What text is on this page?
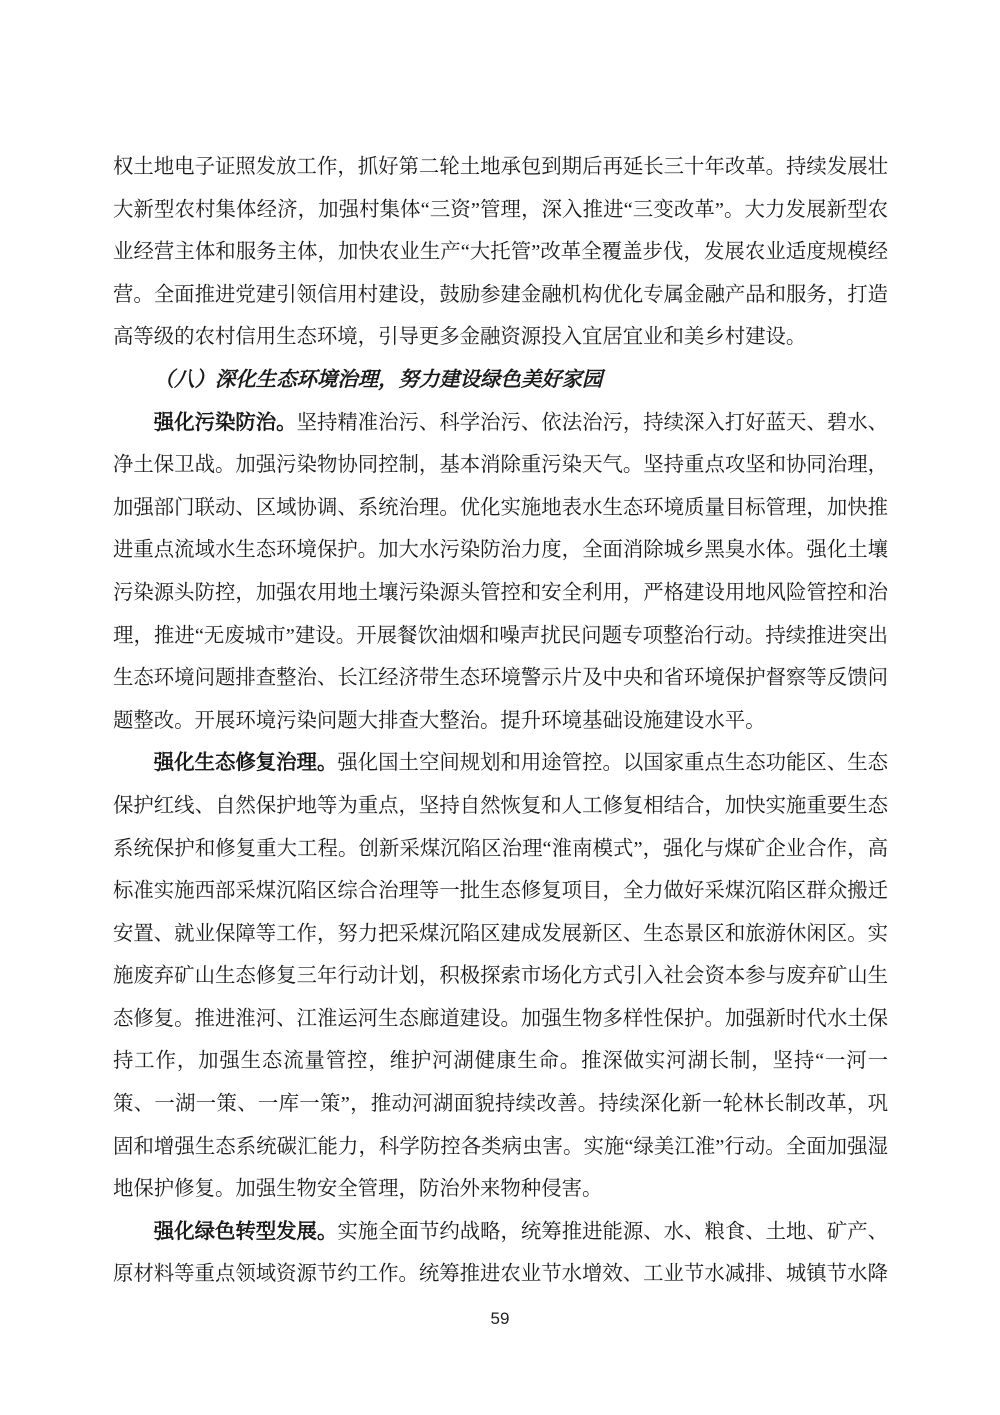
权土地电子证照发放工作，抓好第二轮土地承包到期后再延长三十年改革。持续发展壮大新型农村集体经济，加强村集体“三资”管理，深入推进“三变改革”。大力发展新型农业经营主体和服务主体，加快农业生产“大托管”改革全覆盖步伐，发展农业适度规模经营。全面推进党建引领信用村建设，鼓励参建金融机构优化专属金融产品和服务，打造高等级的农村信用生态环境，引导更多金融资源投入宜居宜业和美乡村建设。

（八）深化生态环境治理，努力建设绿色美好家园

强化污染防治。坚持精准治污、科学治污、依法治污，持续深入打好蓝天、碧水、净土保卫战。加强污染物协同控制，基本消除重污染天气。坚持重点攻坚和协同治理，加强部门联动、区域协调、系统治理。优化实施地表水生态环境质量目标管理，加快推进重点流域水生态环境保护。加大水污染防治力度，全面消除城乡黑臭水体。强化土壤污染源头防控，加强农用地土壤污染源头管控和安全利用，严格建设用地风险管控和治理，推进“无废城市”建设。开展餐饮油烟和噪声扰民问题专项整治行动。持续推进突出生态环境问题排查整治、长江经济带生态环境警示片及中央和省环境保护督察等反馈问题整改。开展环境污染问题大排查大整治。提升环境基础设施建设水平。

强化生态修复治理。强化国土空间规划和用途管控。以国家重点生态功能区、生态保护红线、自然保护地等为重点，坚持自然恢复和人工修复相结合，加快实施重要生态系统保护和修复重大工程。创新采煤沉陷区治理“淮南模式”，强化与煤矿企业合作，高标准实施西部采煤沉陷区综合治理等一批生态修复项目，全力做好采煤沉陷区群众搬迁安置、就业保障等工作，努力把采煤沉陷区建成发展新区、生态景区和旅游休闲区。实施废弃矿山生态修复三年行动计划，积极探索市场化方式引入社会资本参与废弃矿山生态修复。推进淮河、江淮运河生态廊道建设。加强生物多样性保护。加强新时代水土保持工作，加强生态流量管控，维护河湖健康生命。推深做实河湖长制，坚持“一河一策、一湖一策、一库一策”，推动河湖面貌持续改善。持续深化新一轮林长制改革，巩固和增强生态系统碳汇能力，科学防控各类病虫害。实施“绿美江淮”行动。全面加强湿地保护修复。加强生物安全管理，防治外来物种侵害。

强化绿色转型发展。实施全面节约战略，统筹推进能源、水、粮食、土地、矿产、原材料等重点领域资源节约工作。统筹推进农业节水增效、工业节水减排、城镇节水降

59
